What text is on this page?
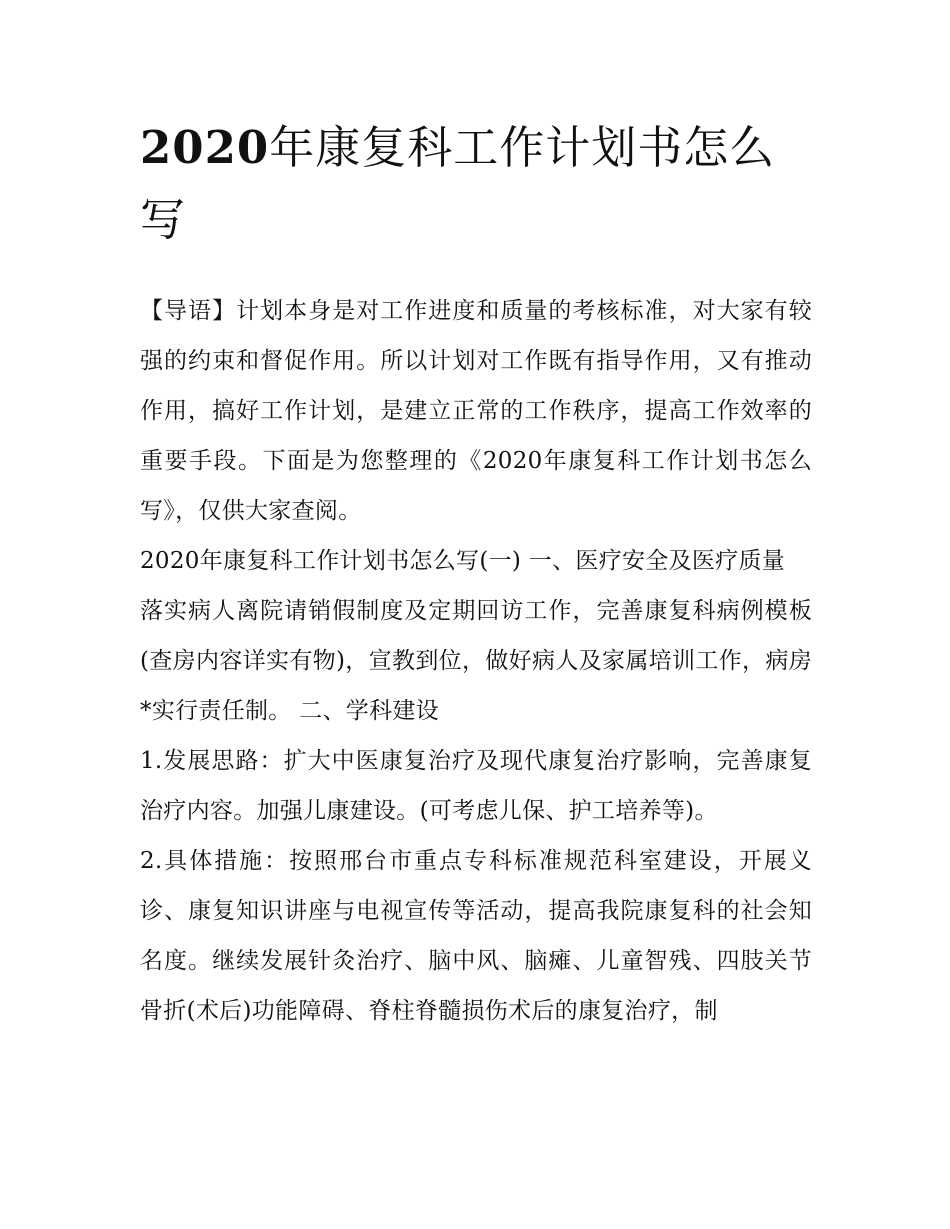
2020年康复科工作计划书怎么写

【导语】计划本身是对工作进度和质量的考核标准，对大家有较强的约束和督促作用。所以计划对工作既有指导作用，又有推动作用，搞好工作计划，是建立正常的工作秩序，提高工作效率的重要手段。下面是为您整理的《2020年康复科工作计划书怎么写》，仅供大家查阅。

2020年康复科工作计划书怎么写(一) 一、医疗安全及医疗质量

落实病人离院请销假制度及定期回访工作，完善康复科病例模板(查房内容详实有物)，宣教到位，做好病人及家属培训工作，病房*实行责任制。 二、学科建设

1.发展思路：扩大中医康复治疗及现代康复治疗影响，完善康复治疗内容。加强儿康建设。(可考虑儿保、护工培养等)。

2.具体措施：按照邢台市重点专科标准规范科室建设，开展义诊、康复知识讲座与电视宣传等活动，提高我院康复科的社会知名度。继续发展针灸治疗、脑中风、脑瘫、儿童智残、四肢关节骨折(术后)功能障碍、脊柱脊髓损伤术后的康复治疗，制
